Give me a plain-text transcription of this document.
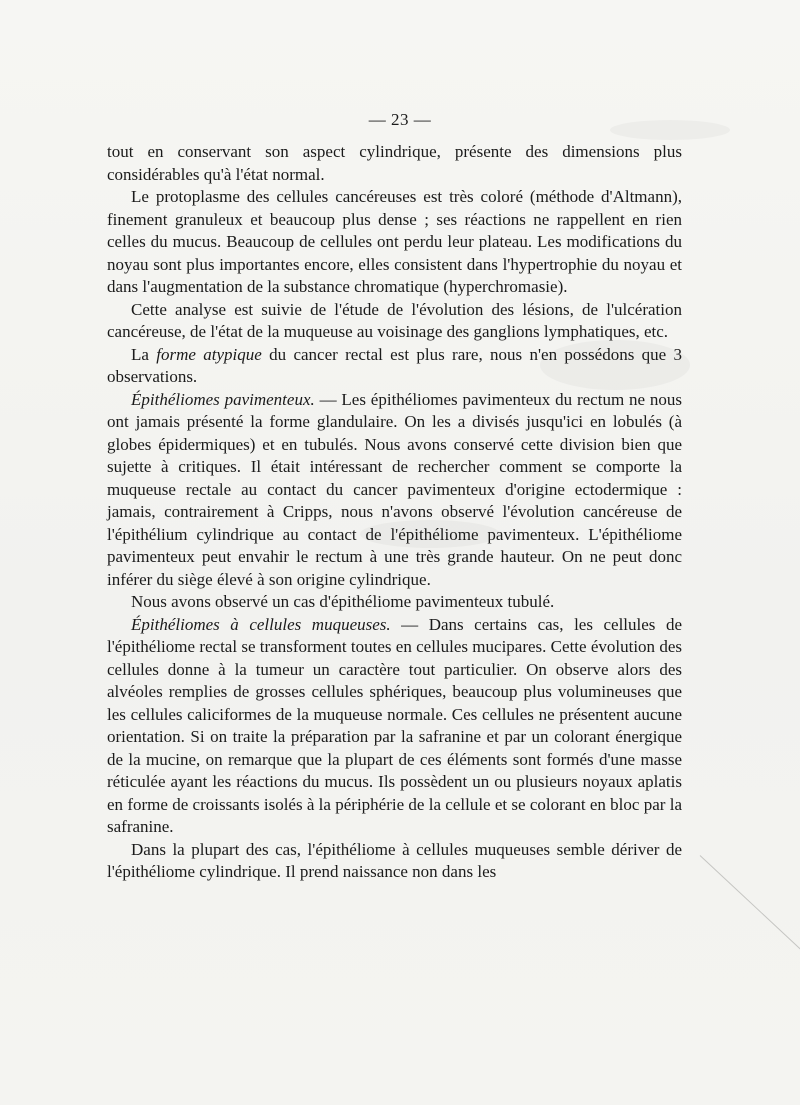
— 23 —

tout en conservant son aspect cylindrique, présente des dimensions plus considérables qu'à l'état normal.

Le protoplasme des cellules cancéreuses est très coloré (méthode d'Altmann), finement granuleux et beaucoup plus dense ; ses réactions ne rappellent en rien celles du mucus. Beaucoup de cellules ont perdu leur plateau. Les modifications du noyau sont plus importantes encore, elles consistent dans l'hypertrophie du noyau et dans l'augmentation de la substance chromatique (hyperchromasie).

Cette analyse est suivie de l'étude de l'évolution des lésions, de l'ulcération cancéreuse, de l'état de la muqueuse au voisinage des ganglions lymphatiques, etc.

La forme atypique du cancer rectal est plus rare, nous n'en possédons que 3 observations.

Épithéliomes pavimenteux. — Les épithéliomes pavimenteux du rectum ne nous ont jamais présenté la forme glandulaire. On les a divisés jusqu'ici en lobulés (à globes épidermiques) et en tubulés. Nous avons conservé cette division bien que sujette à critiques. Il était intéressant de rechercher comment se comporte la muqueuse rectale au contact du cancer pavimenteux d'origine ectodermique : jamais, contrairement à Cripps, nous n'avons observé l'évolution cancéreuse de l'épithélium cylindrique au contact de l'épithéliome pavimenteux. L'épithéliome pavimenteux peut envahir le rectum à une très grande hauteur. On ne peut donc inférer du siège élevé à son origine cylindrique.

Nous avons observé un cas d'épithéliome pavimenteux tubulé.

Épithéliomes à cellules muqueuses. — Dans certains cas, les cellules de l'épithéliome rectal se transforment toutes en cellules mucipares. Cette évolution des cellules donne à la tumeur un caractère tout particulier. On observe alors des alvéoles remplies de grosses cellules sphériques, beaucoup plus volumineuses que les cellules caliciformes de la muqueuse normale. Ces cellules ne présentent aucune orientation. Si on traite la préparation par la safranine et par un colorant énergique de la mucine, on remarque que la plupart de ces éléments sont formés d'une masse réticulée ayant les réactions du mucus. Ils possèdent un ou plusieurs noyaux aplatis en forme de croissants isolés à la périphérie de la cellule et se colorant en bloc par la safranine.

Dans la plupart des cas, l'épithéliome à cellules muqueuses semble dériver de l'épithéliome cylindrique. Il prend naissance non dans les
